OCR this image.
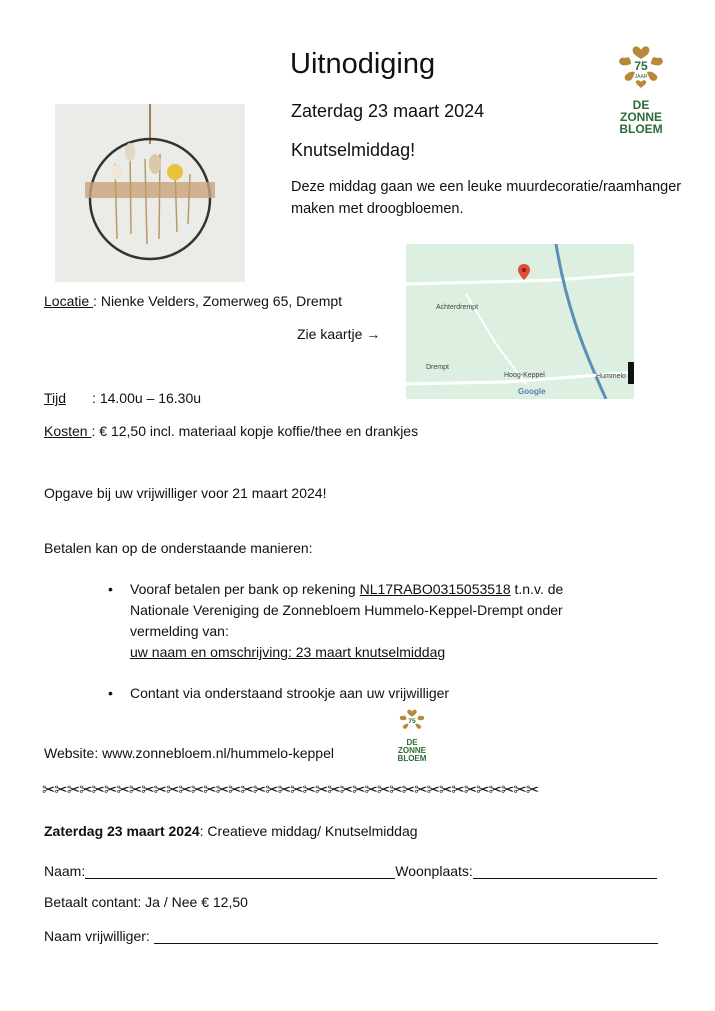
Uitnodiging
Zaterdag 23 maart 2024
Knutselmiddag!
Deze middag gaan we een leuke muurdecoratie/raamhanger maken met droogbloemen.
75
JAAR
DE
ZONNE
BLOEM
Locatie : Nienke Velders, Zomerweg 65, Drempt
Zie kaartje →
Achterdrempt
Drempt
Hoog-Keppel	Hummelo
Google
Tijd : 14.00u – 16.30u
Kosten : € 12,50 incl. materiaal kopje koffie/thee en drankjes
Opgave bij uw vrijwilliger voor 21 maart 2024!
Betalen kan op de onderstaande manieren:
• Vooraf betalen per bank op rekening NL17RABO0315053518 t.n.v. de
Nationale Vereniging de Zonnebloem Hummelo-Keppel-Drempt onder
vermelding van:
uw naam en omschrijving: 23 maart knutselmiddag
• Contant via onderstaand strookje aan uw vrijwilliger
Website: www.zonnebloem.nl/hummelo-keppel
75
DE
ZONNE
BLOEM
✂✂✂✂✂✂✂✂✂✂✂✂✂✂✂✂✂✂✂✂✂✂✂✂✂✂✂✂✂✂✂✂✂✂✂✂✂✂✂✂
Zaterdag 23 maart 2024: Creatieve middag/ Knutselmiddag
Naam:	Woonplaats:
Betaalt contant: Ja / Nee € 12,50
Naam vrijwilliger:
